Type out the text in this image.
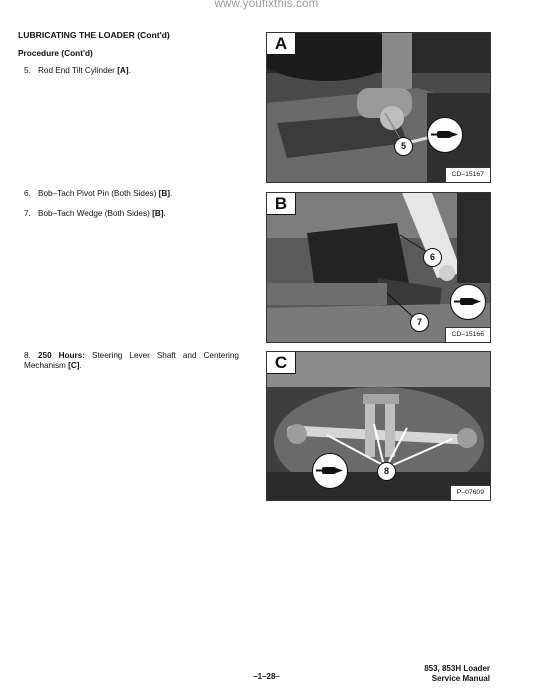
www.youfixthis.com
LUBRICATING THE LOADER (Cont'd)
Procedure (Cont'd)
5. Rod End Tilt Cylinder [A].
6. Bob–Tach Pivot Pin (Both Sides) [B].
7. Bob–Tach Wedge (Both Sides) [B].
8. 250 Hours: Steering Lever Shaft and Centering Mechanism [C].
A
5
CD–15167
B
6
7
CD–15166
C
8
P–07609
853, 853H Loader
Service Manual
–1–28–
